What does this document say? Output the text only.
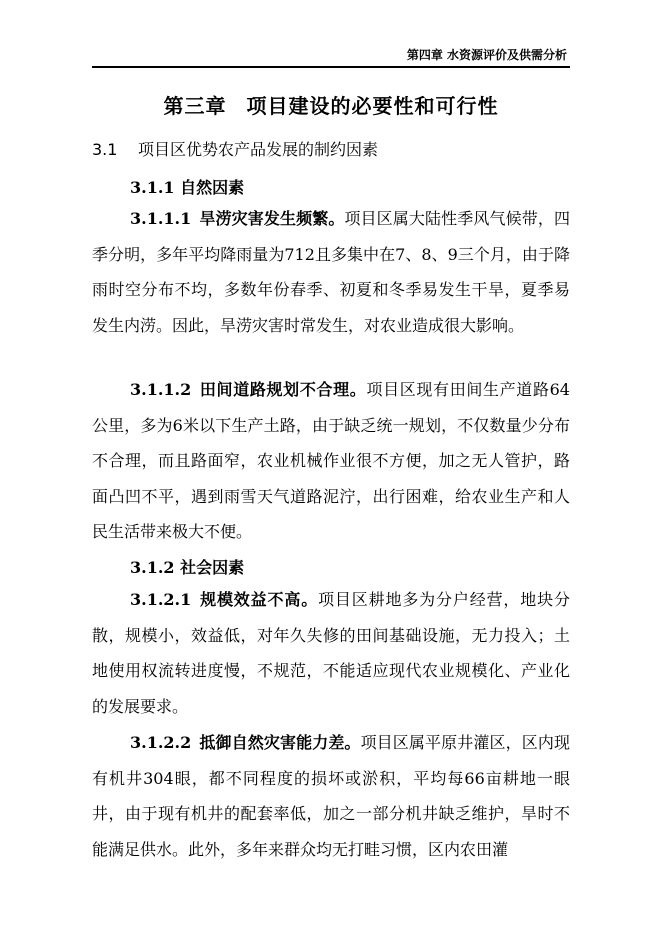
第四章 水资源评价及供需分析
第三章 项目建设的必要性和可行性
3.1 项目区优势农产品发展的制约因素
3.1.1 自然因素

3.1.1.1 旱涝灾害发生频繁。项目区属大陆性季风气候带，四季分明，多年平均降雨量为712且多集中在7、8、9三个月，由于降雨时空分布不均，多数年份春季、初夏和冬季易发生干旱，夏季易发生内涝。因此，旱涝灾害时常发生，对农业造成很大影响。

3.1.1.2 田间道路规划不合理。项目区现有田间生产道路64公里，多为6米以下生产土路，由于缺乏统一规划，不仅数量少分布不合理，而且路面窄，农业机械作业很不方便，加之无人管护，路面凸凹不平，遇到雨雪天气道路泥泞，出行困难，给农业生产和人民生活带来极大不便。

3.1.2 社会因素

3.1.2.1 规模效益不高。项目区耕地多为分户经营，地块分散，规模小，效益低，对年久失修的田间基础设施，无力投入；土地使用权流转进度慢，不规范，不能适应现代农业规模化、产业化的发展要求。

3.1.2.2 抵御自然灾害能力差。项目区属平原井灌区，区内现有机井304眼，都不同程度的损坏或淤积，平均每66亩耕地一眼井，由于现有机井的配套率低，加之一部分机井缺乏维护，旱时不能满足供水。此外，多年来群众均无打畦习惯，区内农田灌
